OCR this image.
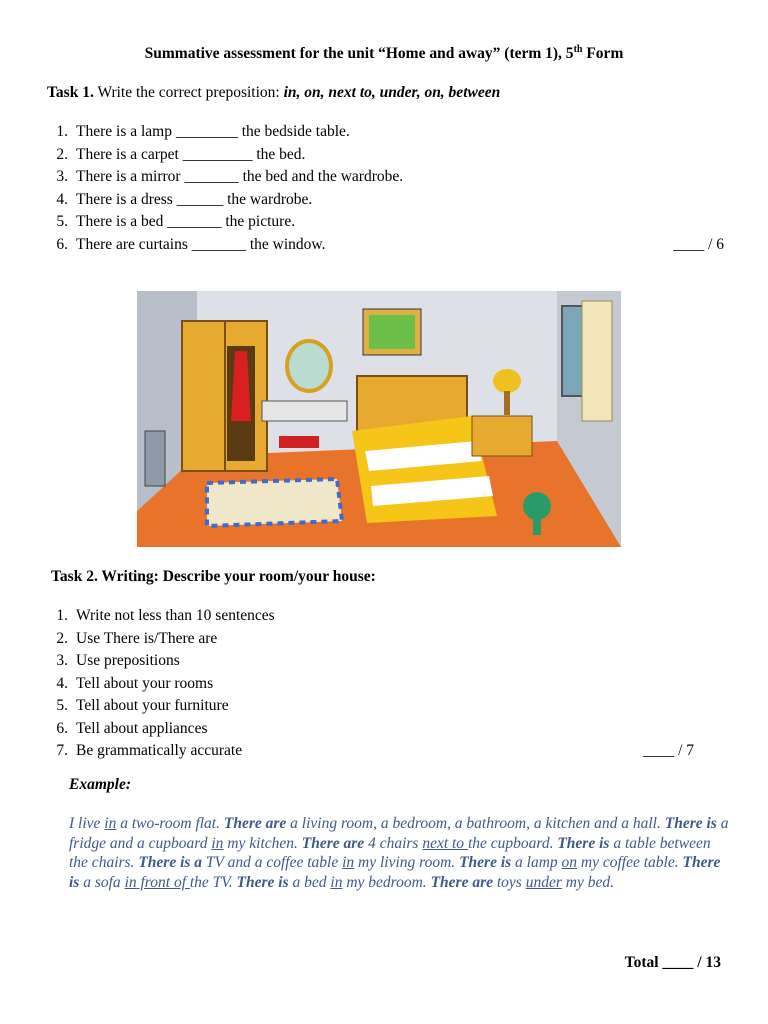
Summative assessment for the unit “Home and away” (term 1), 5th Form
Task 1. Write the correct preposition: in, on, next to, under, on, between
1. There is a lamp ________ the bedside table.
2. There is a carpet _________ the bed.
3. There is a mirror _______ the bed and the wardrobe.
4. There is a dress ______ the wardrobe.
5. There is a bed _______ the picture.
6. There are curtains _______ the window.	____ / 6
Task 2. Writing: Describe your room/your house:
1. Write not less than 10 sentences
2. Use There is/There are
3. Use prepositions
4. Tell about your rooms
5. Tell about your furniture
6. Tell about appliances
7. Be grammatically accurate	____ / 7
Example:
I live in a two-room flat. There are a living room, a bedroom, a bathroom, a kitchen and a hall. There is a fridge and a cupboard in my kitchen. There are 4 chairs next to the cupboard. There is a table between the chairs. There is a TV and a coffee table in my living room. There is a lamp on my coffee table. There is a sofa in front of the TV. There is a bed in my bedroom. There are toys under my bed.
Total ____ / 13
